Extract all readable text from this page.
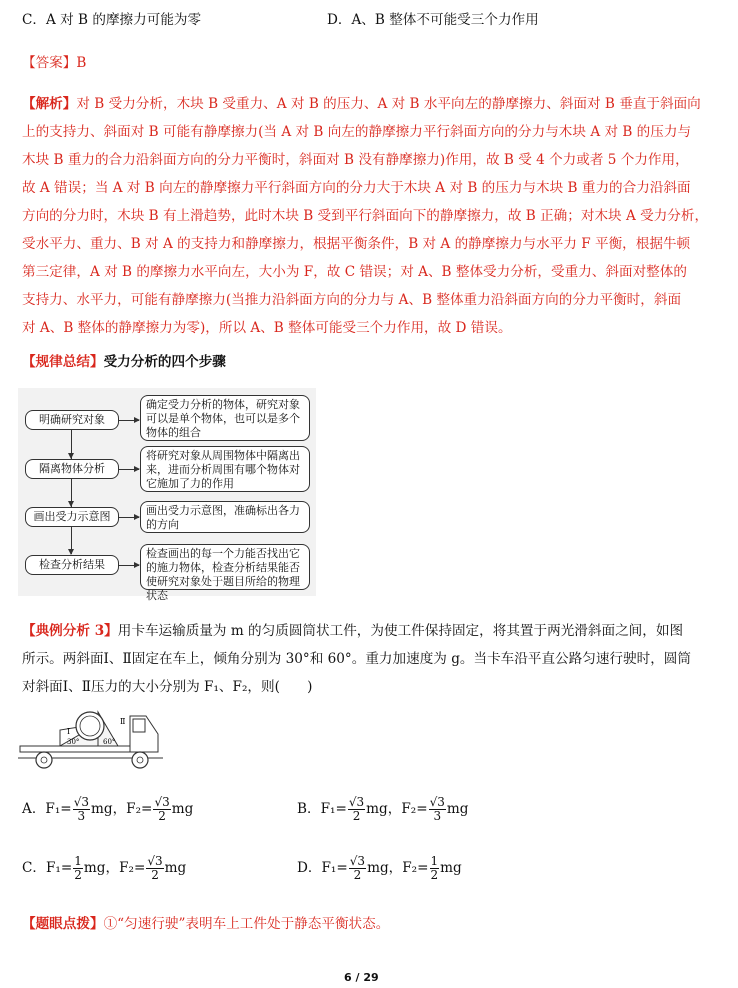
C．A 对 B 的摩擦力可能为零	D．A、B 整体不可能受三个力作用
【答案】B
【解析】对 B 受力分析，木块 B 受重力、A 对 B 的压力、A 对 B 水平向左的静摩擦力、斜面对 B 垂直于斜面向
上的支持力、斜面对 B 可能有静摩擦力(当 A 对 B 向左的静摩擦力平行斜面方向的分力与木块 A 对 B 的压力与
木块 B 重力的合力沿斜面方向的分力平衡时，斜面对 B 没有静摩擦力)作用，故 B 受 4 个力或者 5 个力作用，
故 A 错误；当 A 对 B 向左的静摩擦力平行斜面方向的分力大于木块 A 对 B 的压力与木块 B 重力的合力沿斜面
方向的分力时，木块 B 有上滑趋势，此时木块 B 受到平行斜面向下的静摩擦力，故 B 正确；对木块 A 受力分析，
受水平力、重力、B 对 A 的支持力和静摩擦力，根据平衡条件，B 对 A 的静摩擦力与水平力 F 平衡，根据牛顿
第三定律，A 对 B 的摩擦力水平向左，大小为 F，故 C 错误；对 A、B 整体受力分析，受重力、斜面对整体的
支持力、水平力，可能有静摩擦力(当推力沿斜面方向的分力与 A、B 整体重力沿斜面方向的分力平衡时，斜面
对 A、B 整体的静摩擦力为零)，所以 A、B 整体可能受三个力作用，故 D 错误。
【规律总结】受力分析的四个步骤
明确研究对象
确定受力分析的物体，研究对象可以是单个物体，也可以是多个物体的组合
隔离物体分析
将研究对象从周围物体中隔离出来，进而分析周围有哪个物体对它施加了力的作用
画出受力示意图	画出受力示意图，准确标出各力的方向
检查分析结果
检查画出的每一个力能否找出它的施力物体，检查分析结果能否使研究对象处于题目所给的物理状态
【典例分析 3】用卡车运输质量为 m 的匀质圆筒状工件，为使工件保持固定，将其置于两光滑斜面之间，如图
所示。两斜面Ⅰ、Ⅱ固定在车上，倾角分别为 30°和 60°。重力加速度为 g。当卡车沿平直公路匀速行驶时，圆筒
对斜面Ⅰ、Ⅱ压力的大小分别为 F₁、F₂，则(　　)
Ⅰ
Ⅱ
30°	60°
A．$F_1= \frac{√3}{3}$ mg，$F_2= \frac{√3}{2}$ mg	B．$F_1= \frac{√3}{2}$ mg，$F_2= \frac{√3}{3}$ mg
C．$F_1= \frac{1}{2}$ mg，$F_2= \frac{√3}{2}$ mg	D．$F_1= \frac{√3}{2}$ mg，$F_2= \frac{1}{2}$ mg
【题眼点拨】①“匀速行驶”表明车上工件处于静态平衡状态。
6 / 29
